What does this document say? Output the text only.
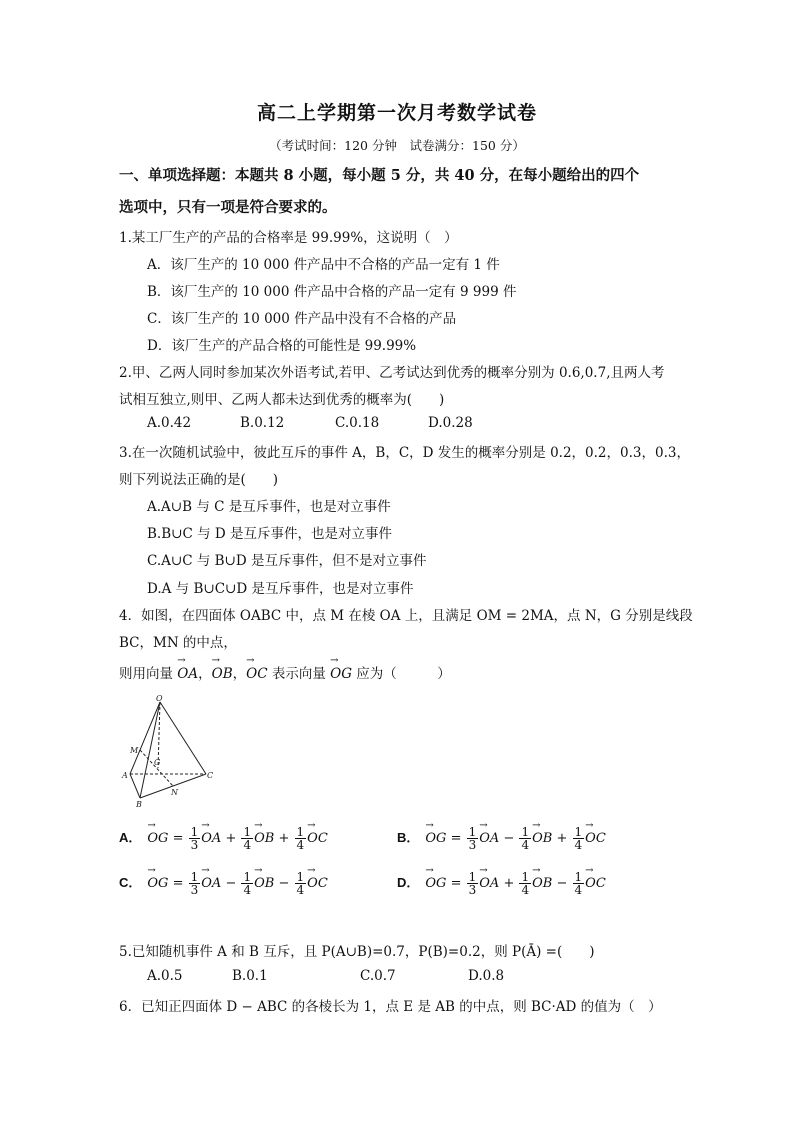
高二上学期第一次月考数学试卷
（考试时间：120 分钟　试卷满分：150 分）
一、单项选择题：本题共 8 小题，每小题 5 分，共 40 分，在每小题给出的四个
选项中，只有一项是符合要求的。
1.某工厂生产的产品的合格率是 99.99%，这说明（　）
A．该厂生产的 10 000 件产品中不合格的产品一定有 1 件
B．该厂生产的 10 000 件产品中合格的产品一定有 9 999 件
C．该厂生产的 10 000 件产品中没有不合格的产品
D．该厂生产的产品合格的可能性是 99.99%
2.甲、乙两人同时参加某次外语考试,若甲、乙考试达到优秀的概率分别为 0.6,0.7,且两人考
试相互独立,则甲、乙两人都未达到优秀的概率为(　　)
A.0.42	B.0.12	C.0.18	D.0.28
3.在一次随机试验中，彼此互斥的事件 A，B，C，D 发生的概率分别是 0.2，0.2，0.3，0.3，
则下列说法正确的是(　　)
A.A∪B 与 C 是互斥事件，也是对立事件
B.B∪C 与 D 是互斥事件，也是对立事件
C.A∪C 与 B∪D 是互斥事件，但不是对立事件
D.A 与 B∪C∪D 是互斥事件，也是对立事件
4．如图，在四面体 OABC 中，点 M 在棱 OA 上，且满足 OM = 2MA，点 N，G 分别是线段
BC，MN 的中点，
则用向量 → OA，→ OB，→ OC 表示向量 → OG 应为（　　　）
O
M
A
G
C
N
B
A． → OG = $\frac{1}{3}$ → OA + $\frac{1}{4}$ → OB + $\frac{1}{4}$ → OC	B． → OG = $\frac{1}{3}$ → OA − $\frac{1}{4}$ → OB + $\frac{1}{4}$ → OC
C． → OG = $\frac{1}{3}$ → OA − $\frac{1}{4}$ → OB − $\frac{1}{4}$ → OC	D． → OG = $\frac{1}{3}$ → OA + $\frac{1}{4}$ → OB − $\frac{1}{4}$ → OC
5.已知随机事件 A 和 B 互斥，且 P(A∪B)=0.7，P(B)=0.2，则 P(Ā) =(　　)
A.0.5	B.0.1	C.0.7	D.0.8
6．已知正四面体 D − ABC 的各棱长为 1，点 E 是 AB 的中点，则 BC·AD 的值为（　）
